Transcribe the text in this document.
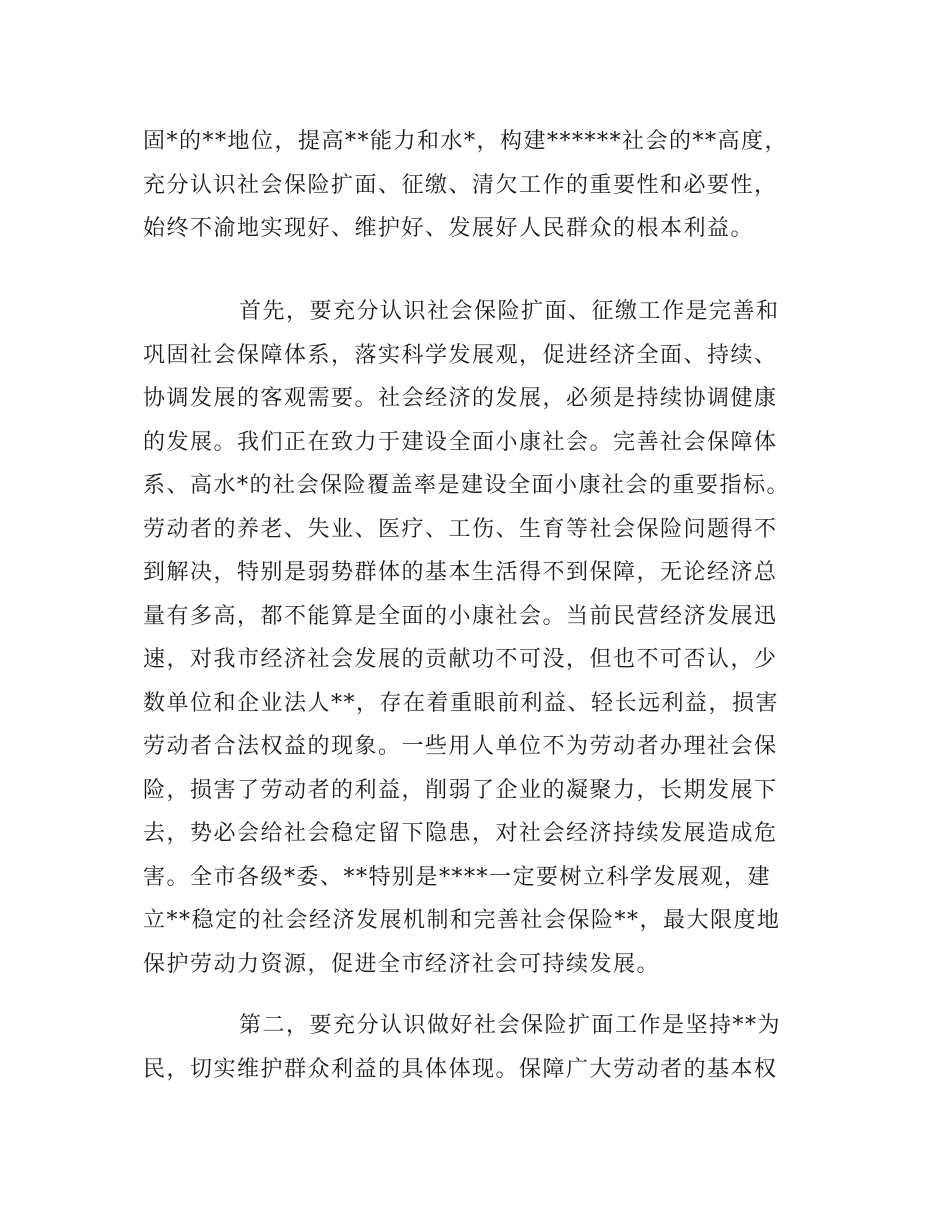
固*的**地位，提高**能力和水*，构建******社会的**高度，
充分认识社会保险扩面、征缴、清欠工作的重要性和必要性，
始终不渝地实现好、维护好、发展好人民群众的根本利益。
首先，要充分认识社会保险扩面、征缴工作是完善和
巩固社会保障体系，落实科学发展观，促进经济全面、持续、
协调发展的客观需要。社会经济的发展，必须是持续协调健康
的发展。我们正在致力于建设全面小康社会。完善社会保障体
系、高水*的社会保险覆盖率是建设全面小康社会的重要指标。
劳动者的养老、失业、医疗、工伤、生育等社会保险问题得不
到解决，特别是弱势群体的基本生活得不到保障，无论经济总
量有多高，都不能算是全面的小康社会。当前民营经济发展迅
速，对我市经济社会发展的贡献功不可没，但也不可否认，少
数单位和企业法人**，存在着重眼前利益、轻长远利益，损害
劳动者合法权益的现象。一些用人单位不为劳动者办理社会保
险，损害了劳动者的利益，削弱了企业的凝聚力，长期发展下
去，势必会给社会稳定留下隐患，对社会经济持续发展造成危
害。全市各级*委、**特别是****一定要树立科学发展观，建
立**稳定的社会经济发展机制和完善社会保险**，最大限度地
保护劳动力资源，促进全市经济社会可持续发展。
第二，要充分认识做好社会保险扩面工作是坚持**为
民，切实维护群众利益的具体体现。保障广大劳动者的基本权
